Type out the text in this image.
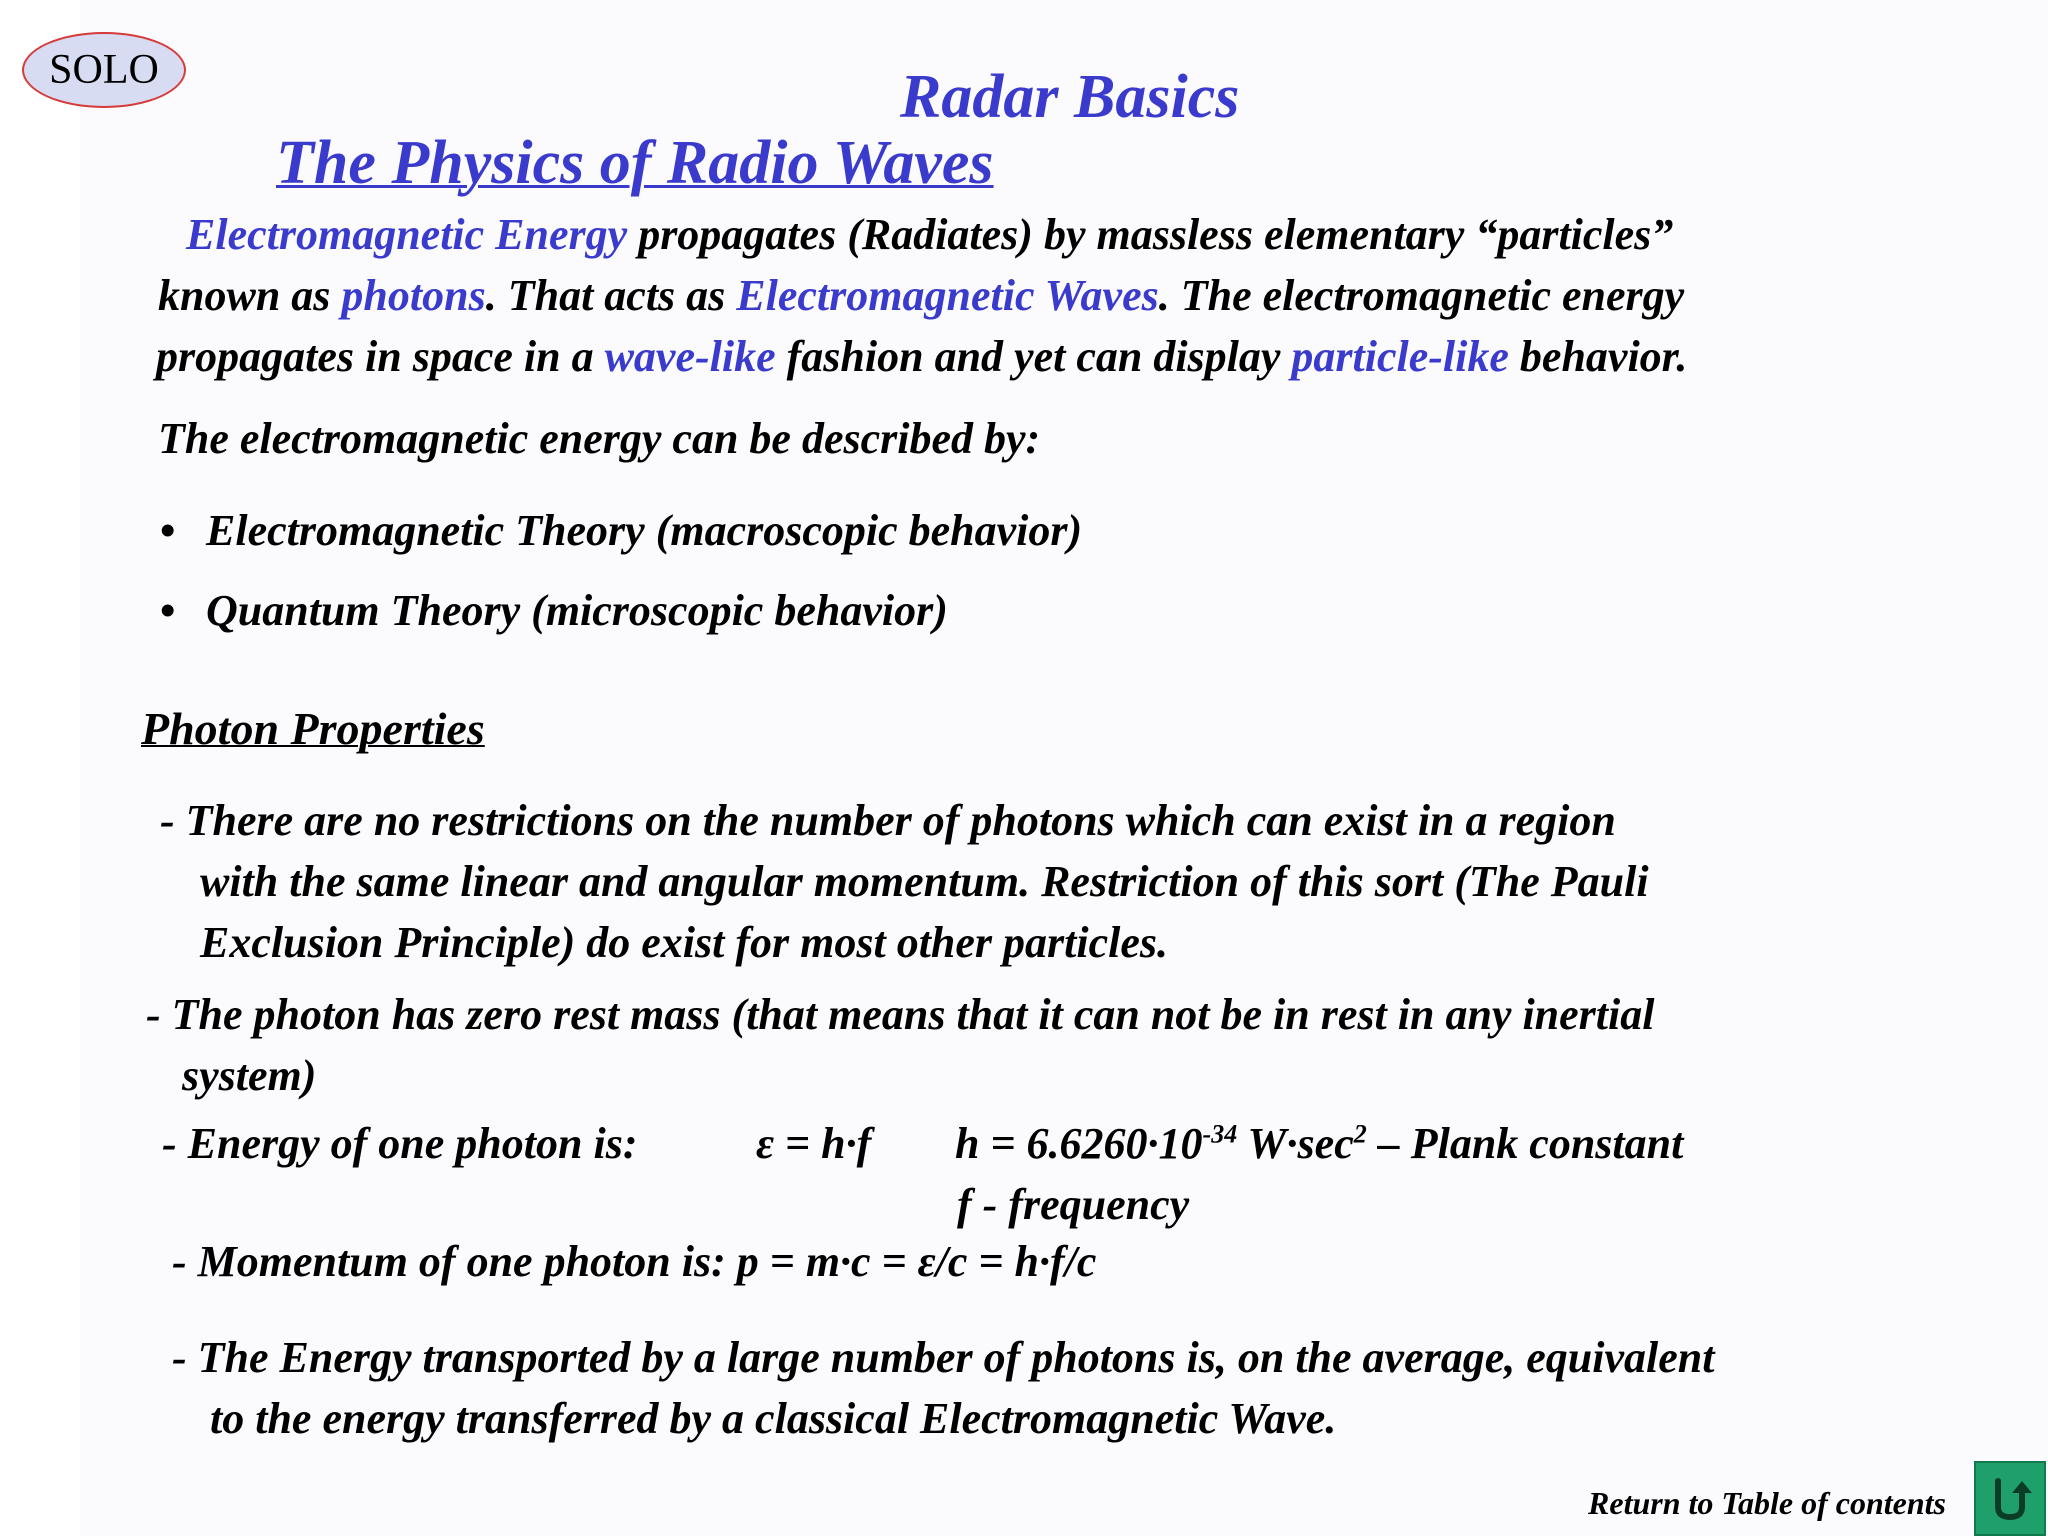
SOLO	Radar Basics
The Physics of Radio Waves
Electromagnetic Energy propagates (Radiates) by massless elementary “particles”
known as photons. That acts as Electromagnetic Waves. The electromagnetic energy
propagates in space in a wave-like fashion and yet can display particle-like behavior.
The electromagnetic energy can be described by:
• Electromagnetic Theory (macroscopic behavior)
• Quantum Theory (microscopic behavior)
Photon Properties
- There are no restrictions on the number of photons which can exist in a region
with the same linear and angular momentum. Restriction of this sort (The Pauli
Exclusion Principle) do exist for most other particles.
- The photon has zero rest mass (that means that it can not be in rest in any inertial
system)
- Energy of one photon is:	ε = h·f $h = 6.6260\cdot 10^{-34}$ $W\cdot\sec^2$ – Plank constant
f - frequency
- Momentum of one photon is: p = m·c = ε/c = h·f/c
- The Energy transported by a large number of photons is, on the average, equivalent
to the energy transferred by a classical Electromagnetic Wave.
Return to Table of contents
